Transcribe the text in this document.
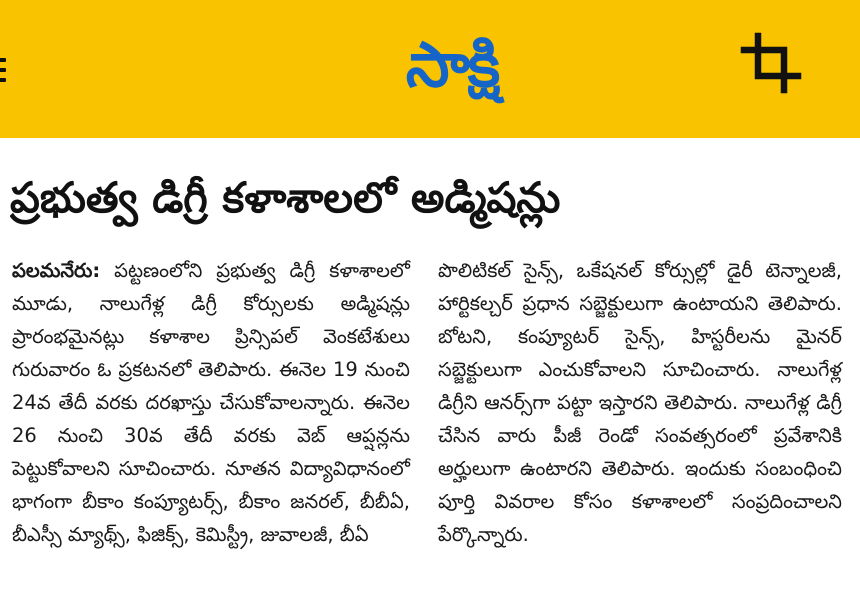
సాక్షి
ప్రభుత్వ డిగ్రీ కళాశాలలో అడ్మిషన్లు

పలమనేరు: పట్టణంలోని ప్రభుత్వ డిగ్రీ కళాశాలలో మూడు, నాలుగేళ్ల డిగ్రీ కోర్సులకు అడ్మిషన్లు ప్రారంభమైనట్లు కళాశాల ప్రిన్సిపల్ వెంకటేశులు గురువారం ఓ ప్రకటనలో తెలిపారు. ఈనెల 19 నుంచి 24వ తేదీ వరకు దరఖాస్తు చేసుకోవాలన్నారు. ఈనెల 26 నుంచి 30వ తేదీ వరకు వెబ్ ఆప్షన్లను పెట్టుకోవాలని సూచించారు. నూతన విద్యావిధానంలో భాగంగా బీకాం కంప్యూటర్స్, బీకాం జనరల్, బీబీఏ, బీఎస్సీ మ్యాథ్స్, ఫిజిక్స్, కెమిస్ట్రీ, జువాలజీ, బీఏ

పొలిటికల్ సైన్స్, ఒకేషనల్ కోర్సుల్లో డైరీ టెన్నాలజీ, హార్టికల్చర్ ప్రధాన సబ్జెక్టులుగా ఉంటాయని తెలిపారు. బోటని, కంప్యూటర్ సైన్స్, హిస్టరీలను మైనర్ సబ్జెక్టులుగా ఎంచుకోవాలని సూచించారు. నాలుగేళ్ల డిగ్రీని ఆనర్స్‌గా పట్టా ఇస్తారని తెలిపారు. నాలుగేళ్ల డిగ్రీ చేసిన వారు పీజీ రెండో సంవత్సరంలో ప్రవేశానికి అర్హులుగా ఉంటారని తెలిపారు. ఇందుకు సంబంధించి పూర్తి వివరాల కోసం కళాశాలలో సంప్రదించాలని పేర్కొన్నారు.
